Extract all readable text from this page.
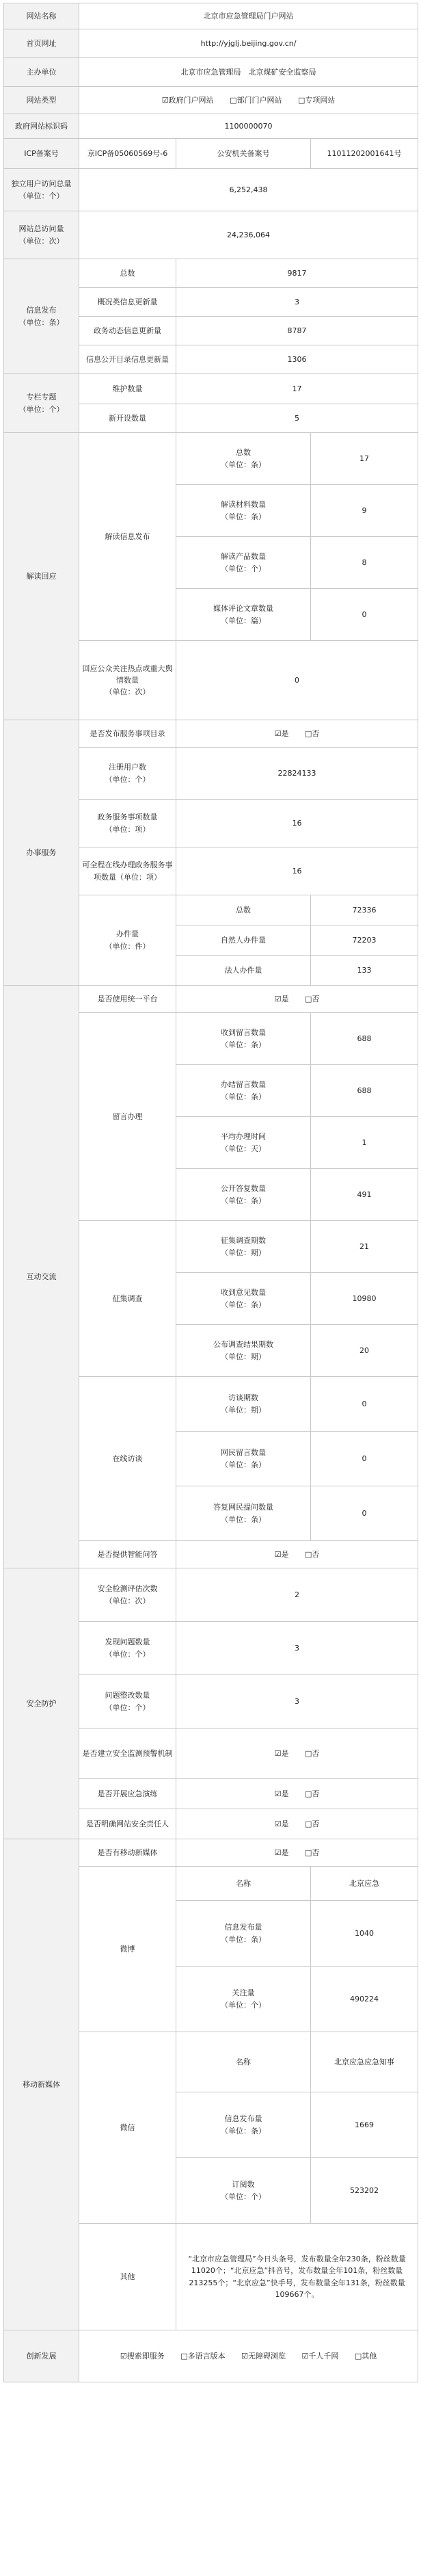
网站名称	北京市应急管理局门户网站		
首页网址	http://yjglj.beijing.gov.cn/		
主办单位	北京市应急管理局　北京煤矿安全监察局		
网站类型	☑政府门户网站 □部门门户网站 □专项网站		
政府网站标识码	1100000070		
ICP备案号	京ICP备05060569号-6	公安机关备案号	11011202001641号

独立用户访问总量
（单位：个）	6,252,438		

网站总访问量
（单位：次）	24,236,064		

信息发布
（单位：条）	总数	9817	
	概况类信息更新量	3	
	政务动态信息更新量	8787	
	信息公开目录信息更新量	1306	

专栏专题
（单位：个）	维护数量	17	
	新开设数量	5	
解读回应	解读信息发布	总数
（单位：条）	17

		解读材料数量
（单位：条）	9

		解读产品数量
（单位：个）	8

		媒体评论文章数量
（单位：篇）	0

	回应公众关注热点或重大舆情数量
（单位：次）	0	
办事服务	是否发布服务事项目录	☑是 □否	

	注册用户数
（单位：个）	22824133	

	政务服务事项数量
（单位：项）	16	
	可全程在线办理政务服务事项数量（单位：项）	16	

	办件量
（单位：件）	总数	72336
		自然人办件量	72203
		法人办件量	133
互动交流	是否使用统一平台	☑是 □否	
	留言办理	收到留言数量
（单位：条）	688

		办结留言数量
（单位：条）	688

		平均办理时间
（单位：天）	1

		公开答复数量
（单位：条）	491
	征集调查	征集调查期数
（单位：期）	21

		收到意见数量
（单位：条）	10980

		公布调查结果期数
（单位：期）	20
	在线访谈	访谈期数
（单位：期）	0

		网民留言数量
（单位：条）	0

		答复网民提问数量
（单位：条）	0
	是否提供智能问答	☑是 □否	
安全防护	安全检测评估次数
（单位：次）	2	

	发现问题数量
（单位：个）	3	

	问题整改数量
（单位：个）	3	
	是否建立安全监测预警机制	☑是 □否	
	是否开展应急演练	☑是 □否	
	是否明确网站安全责任人	☑是 □否	
移动新媒体	是否有移动新媒体	☑是 □否	
	微博	名称	北京应急

		信息发布量
（单位：条）	1040

		关注量
（单位：个）	490224
	微信	名称	北京应急应急知事

		信息发布量
（单位：条）	1669

		订阅数
（单位：个）	523202
	其他	“北京市应急管理局”今日头条号，发布数量全年230条，粉丝数量11020个；“北京应急”抖音号，发布数量全年101条，粉丝数量213255个；“北京应急”快手号，发布数量全年131条，粉丝数量109667个。	
创新发展	☑搜索即服务 □多语言版本 ☑无障碍浏览 ☑千人千网 □其他		
